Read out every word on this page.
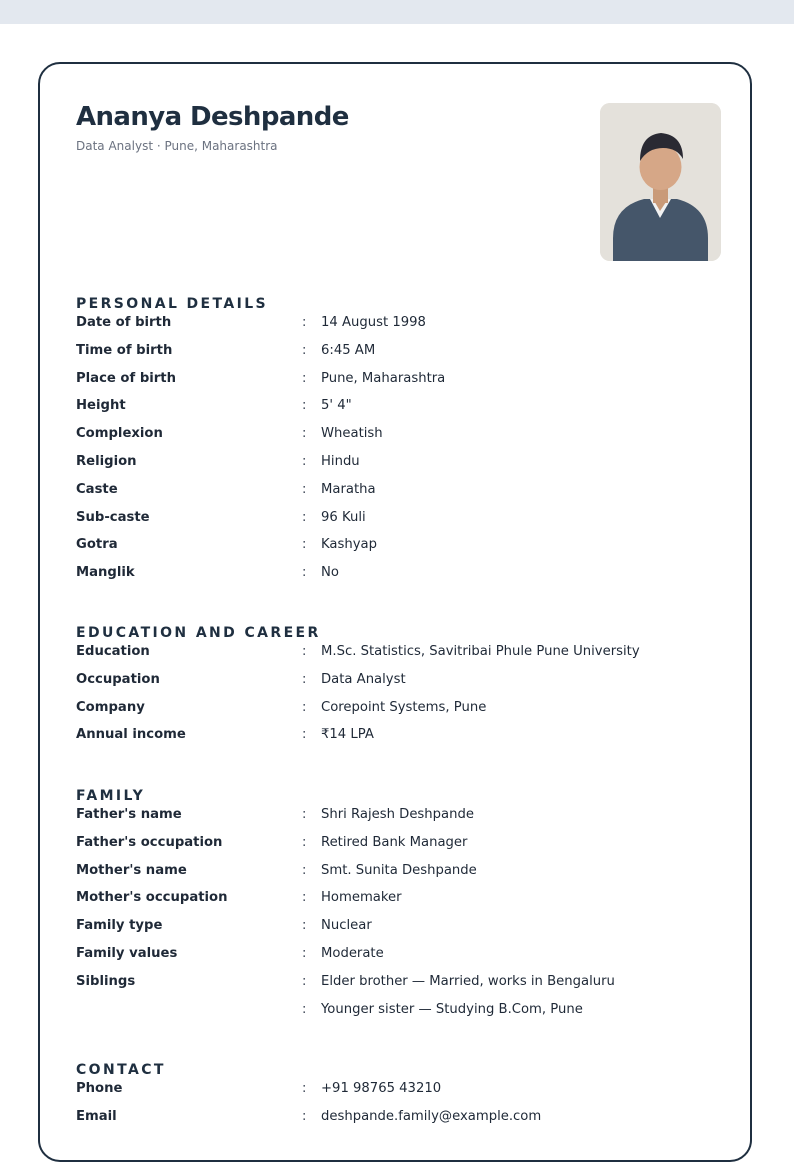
Ananya Deshpande
Data Analyst · Pune, Maharashtra
PERSONAL DETAILS
Date of birth	: 14 August 1998
Time of birth	: 6:45 AM
Place of birth	: Pune, Maharashtra
Height	: 5' 4"
Complexion	: Wheatish
Religion	: Hindu
Caste	: Maratha
Sub-caste	: 96 Kuli
Gotra	: Kashyap
Manglik	: No
EDUCATION AND CAREER
Education	: M.Sc. Statistics, Savitribai Phule Pune University
Occupation	: Data Analyst
Company	: Corepoint Systems, Pune
Annual income	: ₹14 LPA
FAMILY
Father's name	: Shri Rajesh Deshpande
Father's occupation	: Retired Bank Manager
Mother's name	: Smt. Sunita Deshpande
Mother's occupation	: Homemaker
Family type	: Nuclear
Family values	: Moderate
Siblings	: Elder brother — Married, works in Bengaluru
: Younger sister — Studying B.Com, Pune
CONTACT
Phone	: +91 98765 43210
Email	: deshpande.family@example.com
